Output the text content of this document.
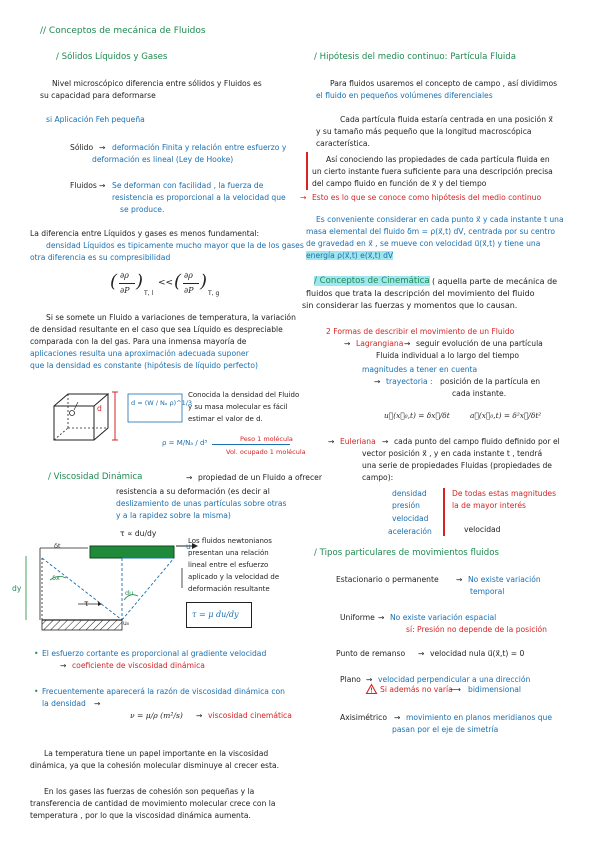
// Conceptos de mecánica de Fluidos
/ Sólidos Líquidos y Gases
Nivel microscópico diferencia entre sólidos y Fluidos es
su capacidad para deformarse
si Aplicación Feh pequeña
Sólido ⇝ deformación Finita y relación entre esfuerzo y
deformación es lineal (Ley de Hooke)
Fluidos ⇝ Se deforman con facilidad , la fuerza de
resistencia es proporcional a la velocidad que
se produce.
La diferencia entre Líquidos y gases es menos fundamental:
densidad Líquidos es tipicamente mucho mayor que la de los gases
otra diferencia es su compresibilidad
( ∂ρ
∂P )
T, l
<< ( ∂ρ
∂P )
T, g
Si se somete un Fluido a variaciones de temperatura, la variación
de densidad resultante en el caso que sea Líquido es despreciable
comparada con la del gas. Para una inmensa mayoría de
aplicaciones resulta una aproximación adecuada suponer
que la densidad es constante (hipótesis de líquido perfecto)
d
d = (W / Nₐ ρ)^1/3
Conocida la densidad del Fluido
y su masa molecular es fácil
estimar el valor de d.
ρ = M/Nₐ / d³	Peso 1 molécula
Vol. ocupado 1 molécula
/ Viscosidad Dinámica	⇝ propiedad de un Fluido a ofrecer
resistencia a su deformación (es decir al
deslizamiento de unas partículas sobre otras
y a la rapidez sobre la misma)
τ ∝ du/dy
δt	u
dy
δx
du
τ
u₀
Los fluidos newtonianos
presentan una relación
lineal entre el esfuerzo
aplicado y la velocidad de
deformación resultante
τ = μ du/dy
• El esfuerzo cortante es proporcional al gradiente velocidad
⇝ coeficiente de viscosidad dinámica
• Frecuentemente aparecerá la razón de viscosidad dinámica con
la densidad ⇝
ν = μ/ρ (m²/s) ⇝ viscosidad cinemática
La temperatura tiene un papel importante en la viscosidad
dinámica, ya que la cohesión molecular disminuye al crecer esta.
En los gases las fuerzas de cohesión son pequeñas y la
transferencia de cantidad de movimiento molecular crece con la
temperatura , por lo que la viscosidad dinámica aumenta.
/ Hipótesis del medio continuo: Partícula Fluida
Para fluidos usaremos el concepto de campo , así dividimos
el fluido en pequeños volúmenes diferenciales
Cada partícula fluida estaría centrada en una posición x⃗
y su tamaño más pequeño que la longitud macroscópica
característica.
Así conociendo las propiedades de cada partícula fluida en
un cierto instante fuera suficiente para una descripción precisa
del campo fluido en función de x⃗ y del tiempo
→ Esto es lo que se conoce como hipótesis del medio continuo
Es conveniente considerar en cada punto x⃗ y cada instante t una
masa elemental del fluido δm = ρ(x⃗,t) dV, centrada por su centro
de gravedad en x⃗ , se mueve con velocidad u⃗(x⃗,t) y tiene una
energía ρ(x⃗,t) e(x⃗,t) dV
/ Conceptos de Cinemática ( aquella parte de mecánica de
fluidos que trata la descripción del movimiento del fluido
sin considerar las fuerzas y momentos que lo causan.
2 Formas de describir el movimiento de un Fluido
⇝ Lagrangiana ⇝ seguir evolución de una partícula
Fluida individual a lo largo del tiempo
magnitudes a tener en cuenta
⇝ trayectoria : posición de la partícula en
cada instante.
u⃗(x⃗₀,t) = δx⃗/δt	a⃗(x⃗₀,t) = δ²x⃗/δt²
⇝ Euleriana ⇝ cada punto del campo fluido definido por el
vector posición x⃗ , y en cada instante t , tendrá
una serie de propiedades Fluidas (propiedades de
campo):
densidad
presión
velocidad
aceleración
De todas estas magnitudes
la de mayor interés
velocidad
/ Tipos particulares de movimientos fluidos
Estacionario o permanente ⇝ No existe variación
temporal
Uniforme ⇝ No existe variación espacial
sí: Presión no depende de la posición
Punto de remanso ⇝ velocidad nula u⃗(x⃗,t) = 0
Plano ⇝ velocidad perpendicular a una dirección
Si además no varía
⟶ bidimensional
Axisimétrico ⇝ movimiento en planos meridianos que
pasan por el eje de simetría
